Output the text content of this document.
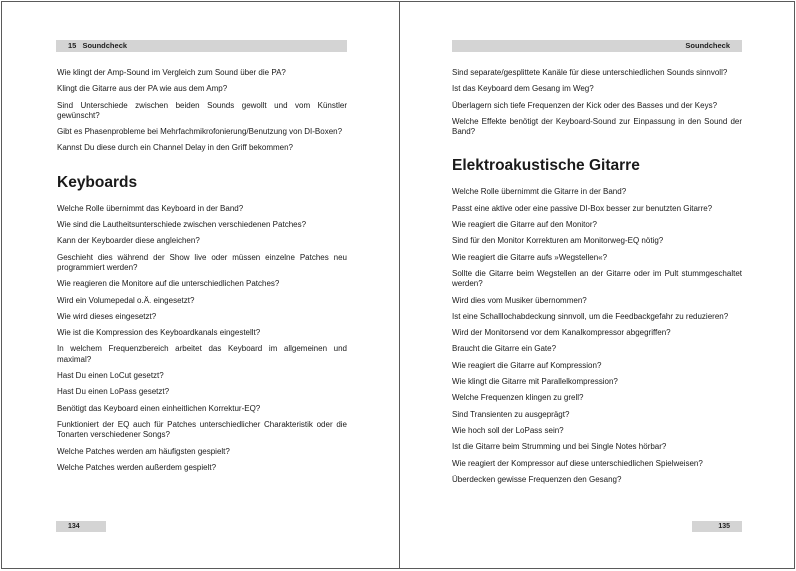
15 Soundcheck

Wie klingt der Amp-Sound im Vergleich zum Sound über die PA?

Klingt die Gitarre aus der PA wie aus dem Amp?

Sind Unterschiede zwischen beiden Sounds gewollt und vom Künstler gewünscht?

Gibt es Phasenprobleme bei Mehrfachmikrofonierung/Benutzung von DI-Boxen?

Kannst Du diese durch ein Channel Delay in den Griff bekommen?

Keyboards

Welche Rolle übernimmt das Keyboard in der Band?

Wie sind die Lautheitsunterschiede zwischen verschiedenen Patches?

Kann der Keyboarder diese angleichen?

Geschieht dies während der Show live oder müssen einzelne Patches neu programmiert werden?

Wie reagieren die Monitore auf die unterschiedlichen Patches?

Wird ein Volumepedal o.Ä. eingesetzt?

Wie wird dieses eingesetzt?

Wie ist die Kompression des Keyboardkanals eingestellt?

In welchem Frequenzbereich arbeitet das Keyboard im allgemeinen und maximal?

Hast Du einen LoCut gesetzt?

Hast Du einen LoPass gesetzt?

Benötigt das Keyboard einen einheitlichen Korrektur-EQ?

Funktioniert der EQ auch für Patches unterschiedlicher Charakteristik oder die Tonarten verschiedener Songs?

Welche Patches werden am häufigsten gespielt?

Welche Patches werden außerdem gespielt?

134
Soundcheck

Sind separate/gesplittete Kanäle für diese unterschiedlichen Sounds sinnvoll?

Ist das Keyboard dem Gesang im Weg?

Überlagern sich tiefe Frequenzen der Kick oder des Basses und der Keys?

Welche Effekte benötigt der Keyboard-Sound zur Einpassung in den Sound der Band?

Elektroakustische Gitarre

Welche Rolle übernimmt die Gitarre in der Band?

Passt eine aktive oder eine passive DI-Box besser zur benutzten Gitarre?

Wie reagiert die Gitarre auf den Monitor?

Sind für den Monitor Korrekturen am Monitorweg-EQ nötig?

Wie reagiert die Gitarre aufs »Wegstellen«?

Sollte die Gitarre beim Wegstellen an der Gitarre oder im Pult stummgeschaltet werden?

Wird dies vom Musiker übernommen?

Ist eine Schalllochabdeckung sinnvoll, um die Feedbackgefahr zu reduzieren?

Wird der Monitorsend vor dem Kanalkompressor abgegriffen?

Braucht die Gitarre ein Gate?

Wie reagiert die Gitarre auf Kompression?

Wie klingt die Gitarre mit Parallelkompression?

Welche Frequenzen klingen zu grell?

Sind Transienten zu ausgeprägt?

Wie hoch soll der LoPass sein?

Ist die Gitarre beim Strumming und bei Single Notes hörbar?

Wie reagiert der Kompressor auf diese unterschiedlichen Spielweisen?

Überdecken gewisse Frequenzen den Gesang?

135
